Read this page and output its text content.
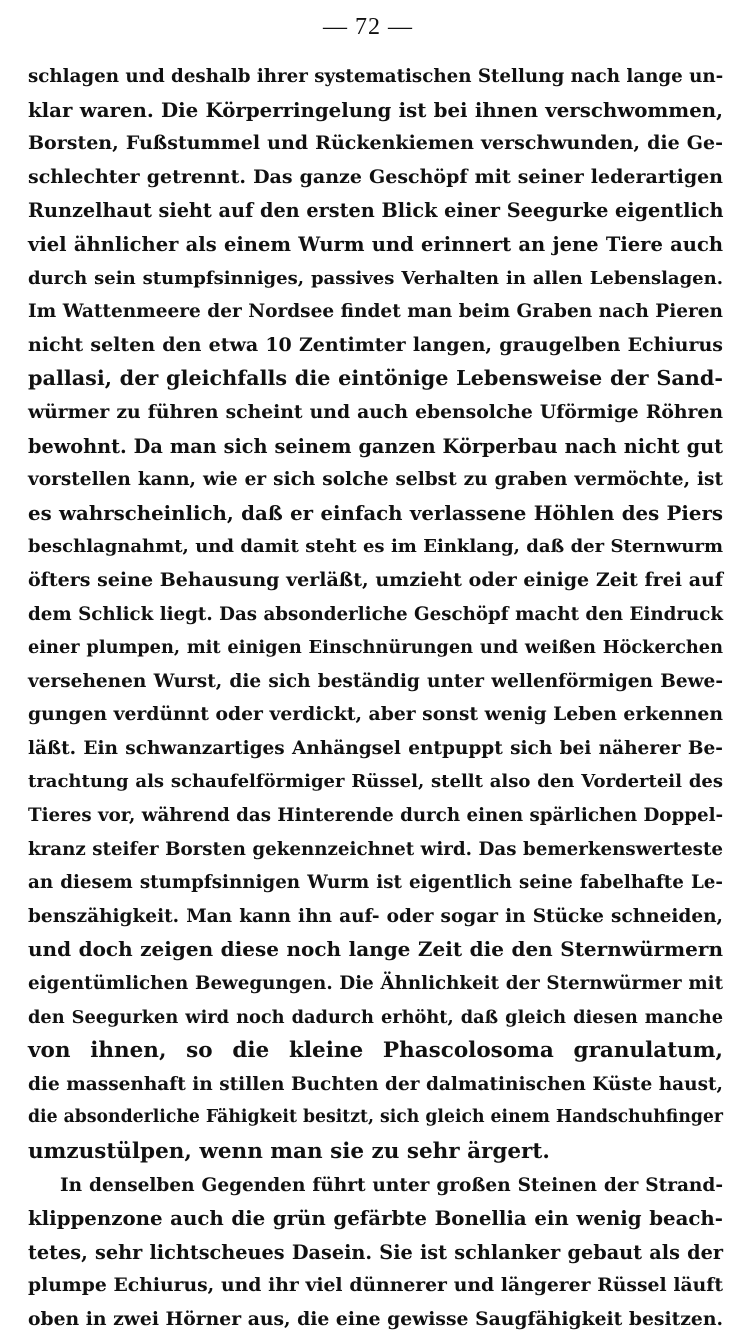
— 72 —
schlagen und deshalb ihrer systematischen Stellung nach lange un-
klar waren. Die Körperringelung ist bei ihnen verschwommen,
Borsten, Fußstummel und Rückenkiemen verschwunden, die Ge-
schlechter getrennt. Das ganze Geschöpf mit seiner lederartigen
Runzelhaut sieht auf den ersten Blick einer Seegurke eigentlich
viel ähnlicher als einem Wurm und erinnert an jene Tiere auch
durch sein stumpfsinniges, passives Verhalten in allen Lebenslagen.
Im Wattenmeere der Nordsee findet man beim Graben nach Pieren
nicht selten den etwa 10 Zentimter langen, graugelben Echiurus
pallasi, der gleichfalls die eintönige Lebensweise der Sand-
würmer zu führen scheint und auch ebensolche Uförmige Röhren
bewohnt. Da man sich seinem ganzen Körperbau nach nicht gut
vorstellen kann, wie er sich solche selbst zu graben vermöchte, ist
es wahrscheinlich, daß er einfach verlassene Höhlen des Piers
beschlagnahmt, und damit steht es im Einklang, daß der Sternwurm
öfters seine Behausung verläßt, umzieht oder einige Zeit frei auf
dem Schlick liegt. Das absonderliche Geschöpf macht den Eindruck
einer plumpen, mit einigen Einschnürungen und weißen Höckerchen
versehenen Wurst, die sich beständig unter wellenförmigen Bewe-
gungen verdünnt oder verdickt, aber sonst wenig Leben erkennen
läßt. Ein schwanzartiges Anhängsel entpuppt sich bei näherer Be-
trachtung als schaufelförmiger Rüssel, stellt also den Vorderteil des
Tieres vor, während das Hinterende durch einen spärlichen Doppel-
kranz steifer Borsten gekennzeichnet wird. Das bemerkenswerteste
an diesem stumpfsinnigen Wurm ist eigentlich seine fabelhafte Le-
benszähigkeit. Man kann ihn auf- oder sogar in Stücke schneiden,
und doch zeigen diese noch lange Zeit die den Sternwürmern
eigentümlichen Bewegungen. Die Ähnlichkeit der Sternwürmer mit
den Seegurken wird noch dadurch erhöht, daß gleich diesen manche
von ihnen, so die kleine Phascolosoma granulatum,
die massenhaft in stillen Buchten der dalmatinischen Küste haust,
die absonderliche Fähigkeit besitzt, sich gleich einem Handschuhfinger
umzustülpen, wenn man sie zu sehr ärgert.
In denselben Gegenden führt unter großen Steinen der Strand-
klippenzone auch die grün gefärbte Bonellia ein wenig beach-
tetes, sehr lichtscheues Dasein. Sie ist schlanker gebaut als der
plumpe Echiurus, und ihr viel dünnerer und längerer Rüssel läuft
oben in zwei Hörner aus, die eine gewisse Saugfähigkeit besitzen.
